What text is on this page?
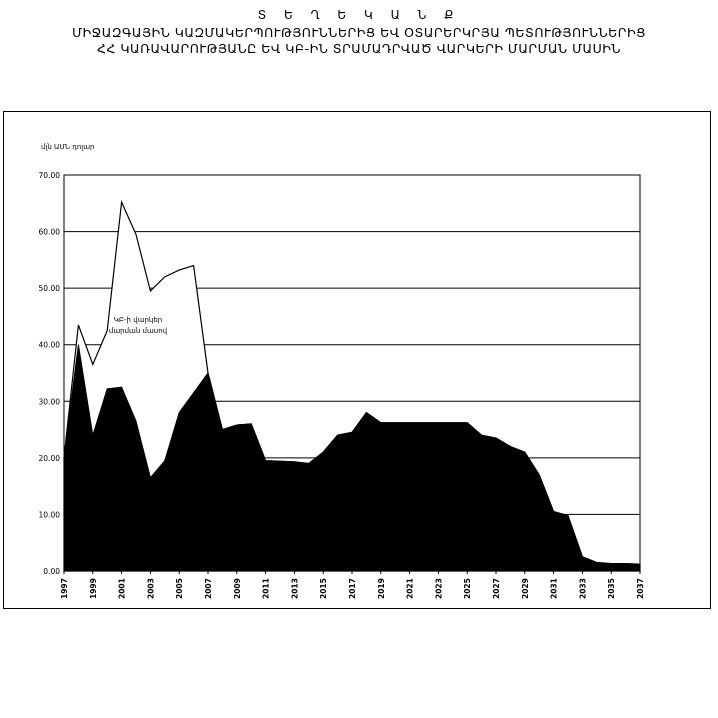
Տ Ե Ղ Ե Կ Ա Ն Ք
ՄԻՋԱԶԳԱՅԻՆ ԿԱԶՄԱԿԵՐՊՈՒԹՅՈՒՆՆԵՐԻՑ ԵՎ ՕՏԱՐԵՐԿՐՅԱ ՊԵՏՈՒԹՅՈՒՆՆԵՐԻՑ
ՀՀ ԿԱՌԱՎԱՐՈՒԹՅԱՆԸ ԵՎ ԿԲ-ԻՆ ՏՐԱՄԱԴՐՎԱԾ ՎԱՐԿԵՐԻ ՄԱՐՄԱՆ ՄԱՍԻՆ
70.00
60.00
50.00
40.00
30.00
20.00
10.00
0.00
1997	1999	2001	2003	2005	2007	2009	2011	2013	2015	2017	2019	2021	2023	2025	2027	2029	2031	2033	2035	2037
մլն ԱՄՆ դոլար
ԿԲ-ի վարկեր
մարման մասով
